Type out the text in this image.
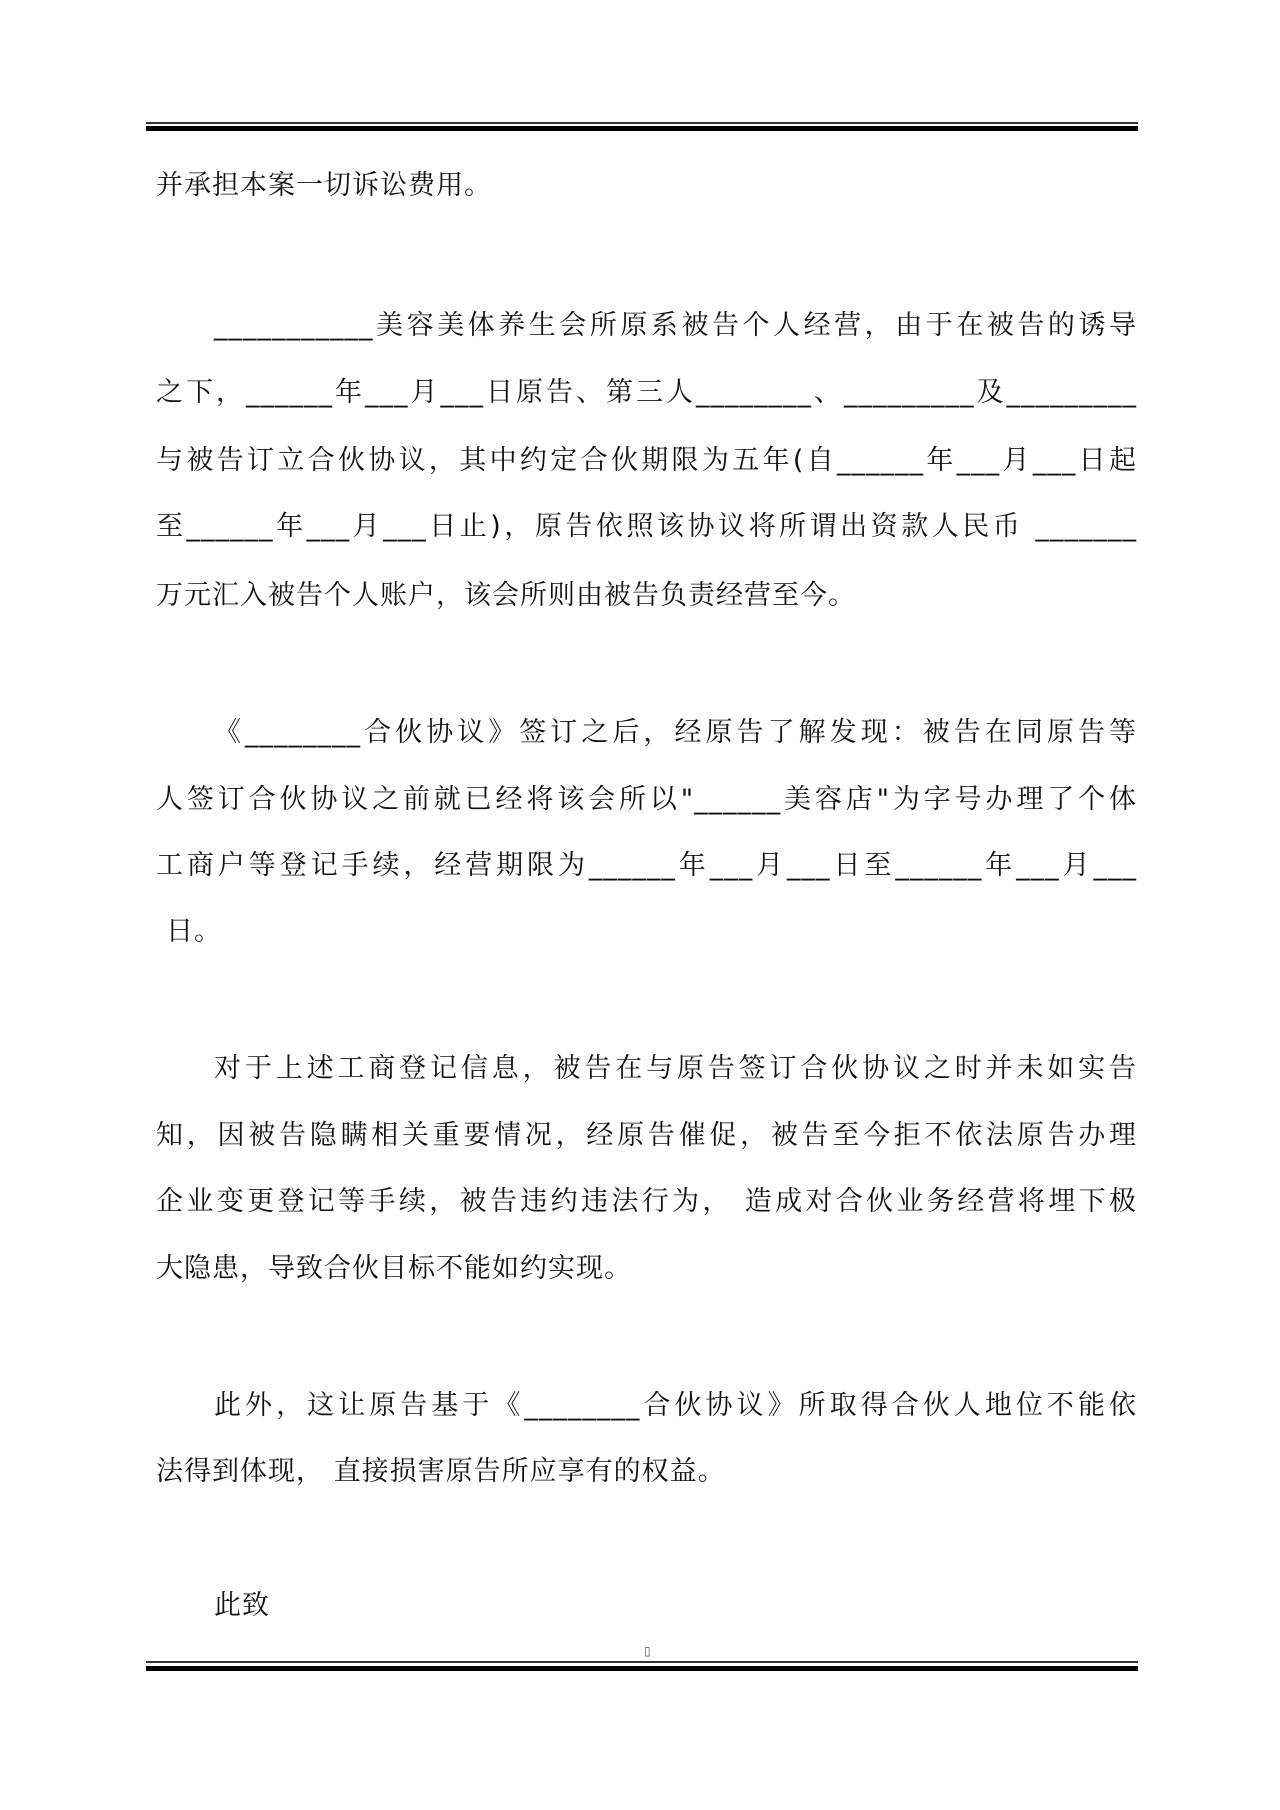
并承担本案一切诉讼费用。
___________美容美体养生会所原系被告个人经营，由于在被告的诱导
之下，______年___月___日原告、第三人________、_________及_________
与被告订立合伙协议，其中约定合伙期限为五年(自______年___月___日起
至______年___月___日止)，原告依照该协议将所谓出资款人民币 _______
万元汇入被告个人账户，该会所则由被告负责经营至今。
《________合伙协议》签订之后，经原告了解发现：被告在同原告等
人签订合伙协议之前就已经将该会所以"______美容店"为字号办理了个体
工商户等登记手续，经营期限为______年___月___日至______年___月___
日。
对于上述工商登记信息，被告在与原告签订合伙协议之时并未如实告
知，因被告隐瞒相关重要情况，经原告催促，被告至今拒不依法原告办理
企业变更登记等手续，被告违约违法行为， 造成对合伙业务经营将埋下极
大隐患，导致合伙目标不能如约实现。
此外，这让原告基于《________合伙协议》所取得合伙人地位不能依
法得到体现， 直接损害原告所应享有的权益。
此致
▯
